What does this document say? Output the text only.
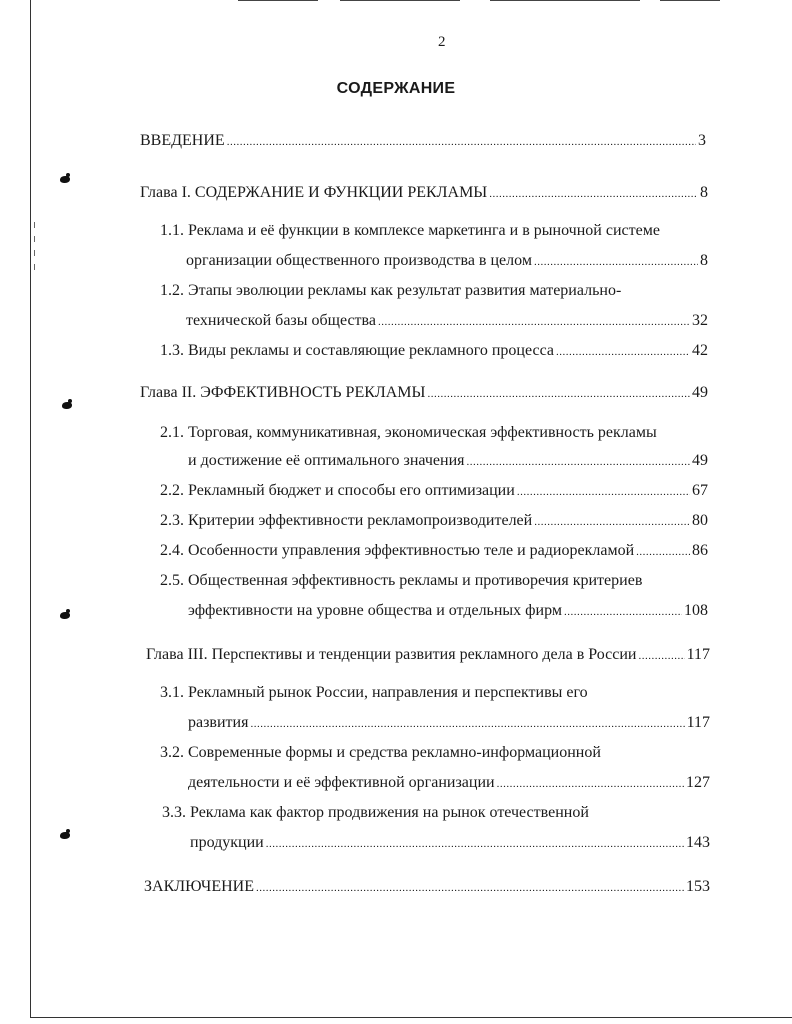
2
СОДЕРЖАНИЕ
ВВЕДЕНИЕ .....	3
Глава I. СОДЕРЖАНИЕ И ФУНКЦИИ РЕКЛАМЫ .....	8
1.1. Реклама и её функции в комплексе маркетинга и в рыночной системе
организации общественного производства в целом .....	8
1.2. Этапы эволюции рекламы как результат развития материально-
технической базы общества .....	32
1.3. Виды рекламы и составляющие рекламного процесса .....	42
Глава II. ЭФФЕКТИВНОСТЬ РЕКЛАМЫ .....	49
2.1. Торговая, коммуникативная, экономическая эффективность рекламы
и достижение её оптимального значения .....	49
2.2. Рекламный бюджет и способы его оптимизации .....	67
2.3. Критерии эффективности рекламопроизводителей .....	80
2.4. Особенности управления эффективностью теле и радиорекламой .....	86
2.5. Общественная эффективность рекламы и противоречия критериев
эффективности на уровне общества и отдельных фирм .....	108
Глава III. Перспективы и тенденции развития рекламного дела в России .....	117
3.1. Рекламный рынок России, направления и перспективы его
развития .....	117
3.2. Современные формы и средства рекламно-информационной
деятельности и её эффективной организации .....	127
3.3. Реклама как фактор продвижения на рынок отечественной
продукции .....	143
ЗАКЛЮЧЕНИЕ .....	153
